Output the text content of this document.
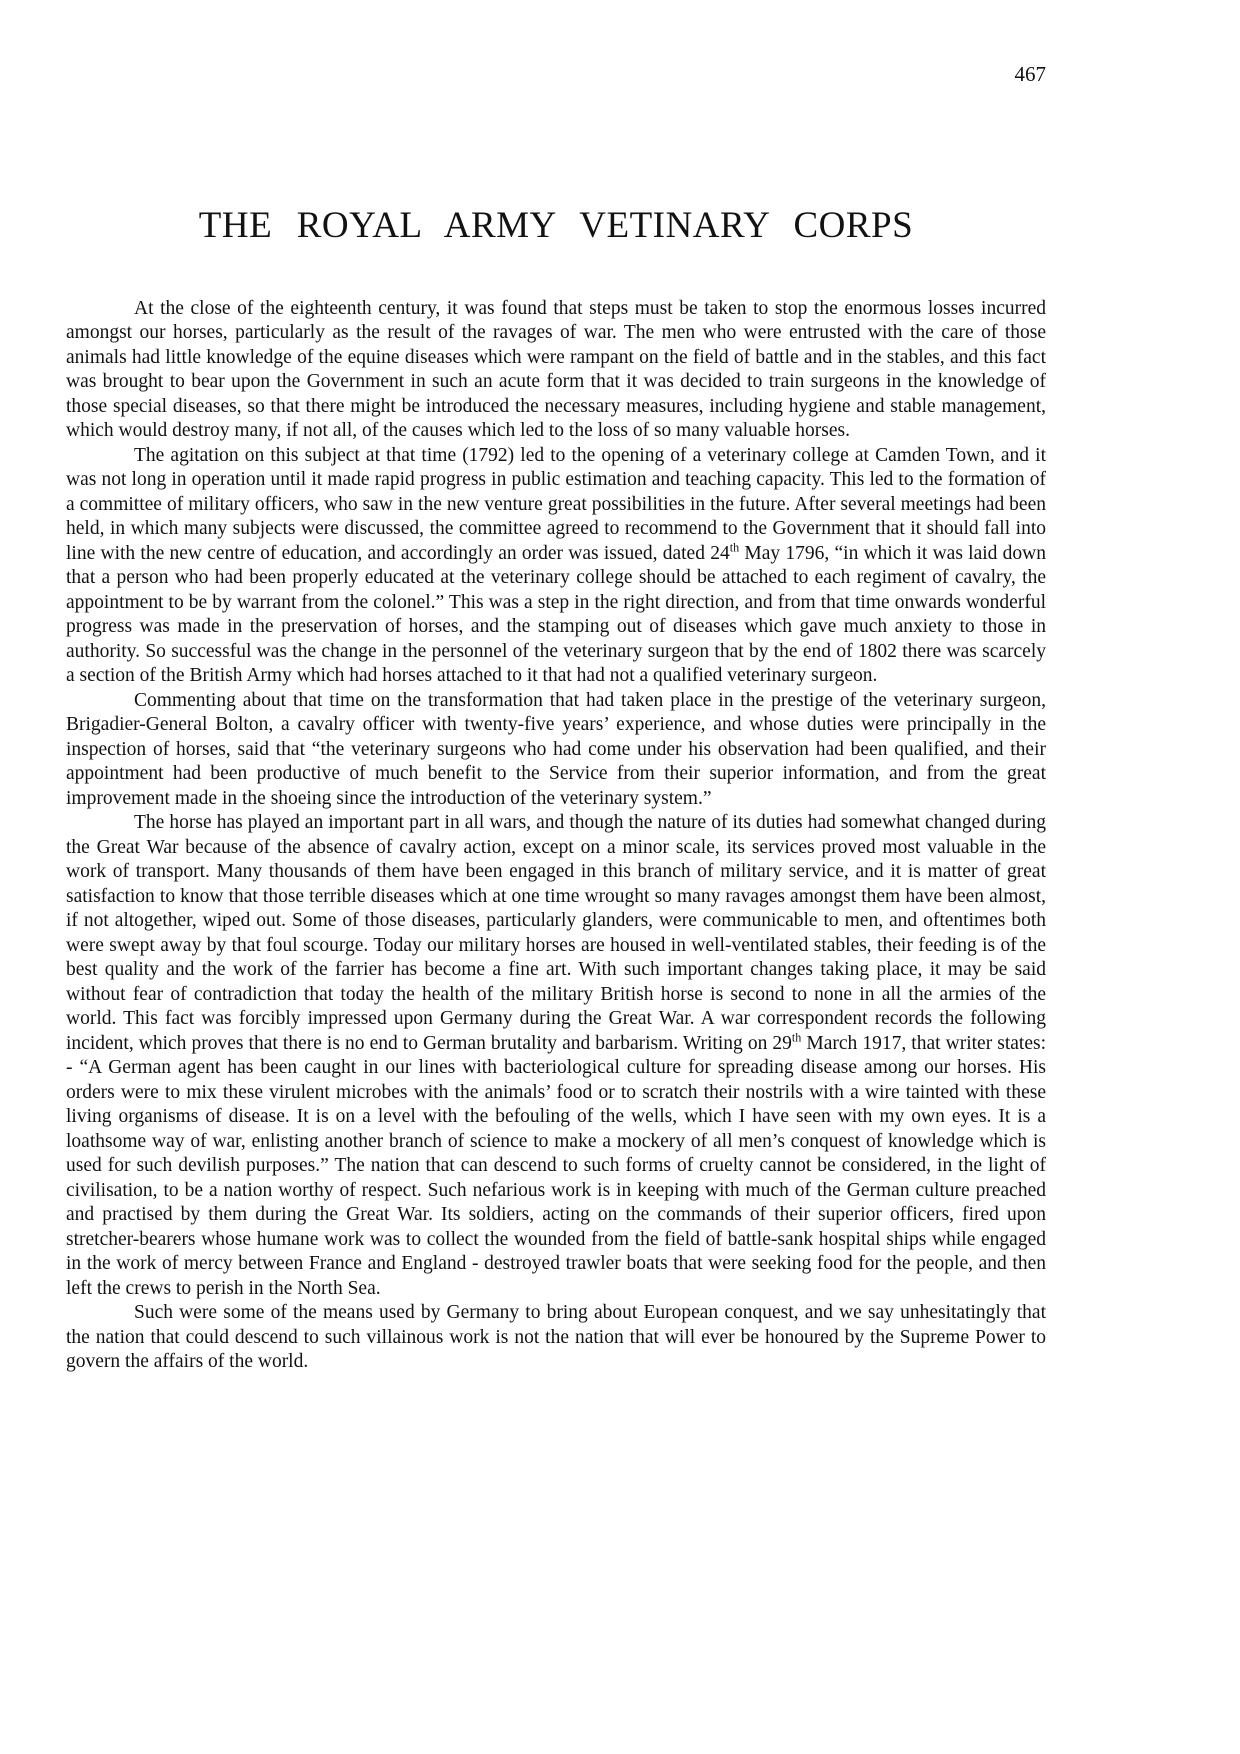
467
THE ROYAL ARMY VETINARY CORPS

At the close of the eighteenth century, it was found that steps must be taken to stop the enormous losses incurred amongst our horses, particularly as the result of the ravages of war. The men who were entrusted with the care of those animals had little knowledge of the equine diseases which were rampant on the field of battle and in the stables, and this fact was brought to bear upon the Government in such an acute form that it was decided to train surgeons in the knowledge of those special diseases, so that there might be introduced the necessary measures, including hygiene and stable management, which would destroy many, if not all, of the causes which led to the loss of so many valuable horses.

The agitation on this subject at that time (1792) led to the opening of a veterinary college at Camden Town, and it was not long in operation until it made rapid progress in public estimation and teaching capacity. This led to the formation of a committee of military officers, who saw in the new venture great possibilities in the future. After several meetings had been held, in which many subjects were discussed, the committee agreed to recommend to the Government that it should fall into line with the new centre of education, and accordingly an order was issued, dated 24th May 1796, “in which it was laid down that a person who had been properly educated at the veterinary college should be attached to each regiment of cavalry, the appointment to be by warrant from the colonel.” This was a step in the right direction, and from that time onwards wonderful progress was made in the preservation of horses, and the stamping out of diseases which gave much anxiety to those in authority. So successful was the change in the personnel of the veterinary surgeon that by the end of 1802 there was scarcely a section of the British Army which had horses attached to it that had not a qualified veterinary surgeon.

Commenting about that time on the transformation that had taken place in the prestige of the veterinary surgeon, Brigadier-General Bolton, a cavalry officer with twenty-five years’ experience, and whose duties were principally in the inspection of horses, said that “the veterinary surgeons who had come under his observation had been qualified, and their appointment had been productive of much benefit to the Service from their superior information, and from the great improvement made in the shoeing since the introduction of the veterinary system.”

The horse has played an important part in all wars, and though the nature of its duties had somewhat changed during the Great War because of the absence of cavalry action, except on a minor scale, its services proved most valuable in the work of transport. Many thousands of them have been engaged in this branch of military service, and it is matter of great satisfaction to know that those terrible diseases which at one time wrought so many ravages amongst them have been almost, if not altogether, wiped out. Some of those diseases, particularly glanders, were communicable to men, and oftentimes both were swept away by that foul scourge. Today our military horses are housed in well-ventilated stables, their feeding is of the best quality and the work of the farrier has become a fine art. With such important changes taking place, it may be said without fear of contradiction that today the health of the military British horse is second to none in all the armies of the world. This fact was forcibly impressed upon Germany during the Great War. A war correspondent records the following incident, which proves that there is no end to German brutality and barbarism. Writing on 29th March 1917, that writer states: - “A German agent has been caught in our lines with bacteriological culture for spreading disease among our horses. His orders were to mix these virulent microbes with the animals’ food or to scratch their nostrils with a wire tainted with these living organisms of disease. It is on a level with the befouling of the wells, which I have seen with my own eyes. It is a loathsome way of war, enlisting another branch of science to make a mockery of all men’s conquest of knowledge which is used for such devilish purposes.” The nation that can descend to such forms of cruelty cannot be considered, in the light of civilisation, to be a nation worthy of respect. Such nefarious work is in keeping with much of the German culture preached and practised by them during the Great War. Its soldiers, acting on the commands of their superior officers, fired upon stretcher-bearers whose humane work was to collect the wounded from the field of battle-sank hospital ships while engaged in the work of mercy between France and England - destroyed trawler boats that were seeking food for the people, and then left the crews to perish in the North Sea.

Such were some of the means used by Germany to bring about European conquest, and we say unhesitatingly that the nation that could descend to such villainous work is not the nation that will ever be honoured by the Supreme Power to govern the affairs of the world.
